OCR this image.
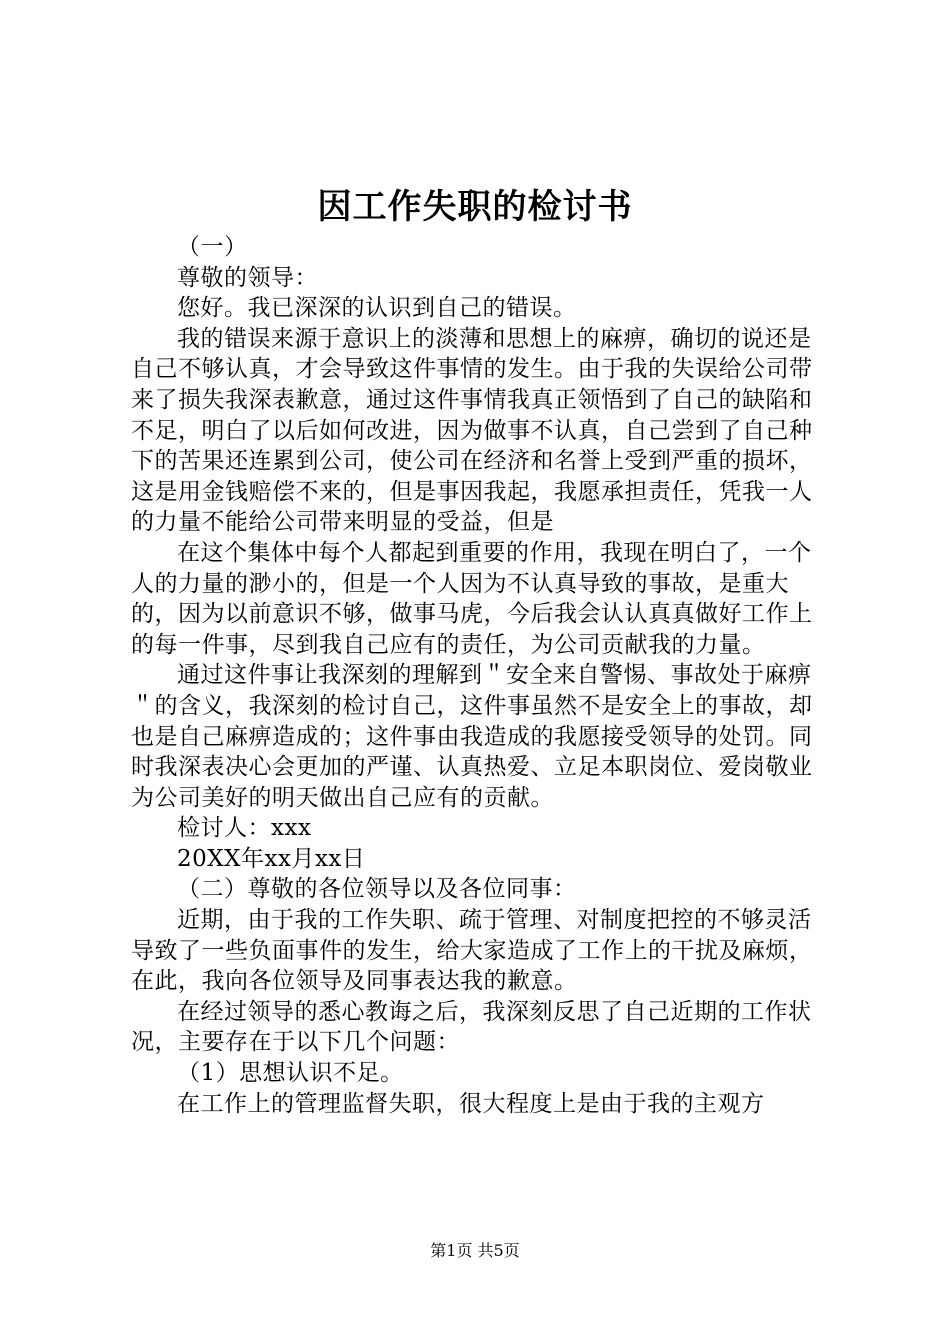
因工作失职的检讨书

（一）

尊敬的领导：

您好。我已深深的认识到自己的错误。

我的错误来源于意识上的淡薄和思想上的麻痹，确切的说还是自己不够认真，才会导致这件事情的发生。由于我的失误给公司带来了损失我深表歉意，通过这件事情我真正领悟到了自己的缺陷和不足，明白了以后如何改进，因为做事不认真，自己尝到了自己种下的苦果还连累到公司，使公司在经济和名誉上受到严重的损坏，这是用金钱赔偿不来的，但是事因我起，我愿承担责任，凭我一人的力量不能给公司带来明显的受益，但是

在这个集体中每个人都起到重要的作用，我现在明白了，一个人的力量的渺小的，但是一个人因为不认真导致的事故，是重大的，因为以前意识不够，做事马虎，今后我会认认真真做好工作上的每一件事，尽到我自己应有的责任，为公司贡献我的力量。

通过这件事让我深刻的理解到＂安全来自警惕、事故处于麻痹＂的含义，我深刻的检讨自己，这件事虽然不是安全上的事故，却也是自己麻痹造成的；这件事由我造成的我愿接受领导的处罚。同时我深表决心会更加的严谨、认真热爱、立足本职岗位、爱岗敬业为公司美好的明天做出自己应有的贡献。

检讨人：xxx

20XX年xx月xx日

（二）尊敬的各位领导以及各位同事：

近期，由于我的工作失职、疏于管理、对制度把控的不够灵活导致了一些负面事件的发生，给大家造成了工作上的干扰及麻烦，在此，我向各位领导及同事表达我的歉意。

在经过领导的悉心教诲之后，我深刻反思了自己近期的工作状况，主要存在于以下几个问题：

（1）思想认识不足。

在工作上的管理监督失职，很大程度上是由于我的主观方

第1页 共5页
